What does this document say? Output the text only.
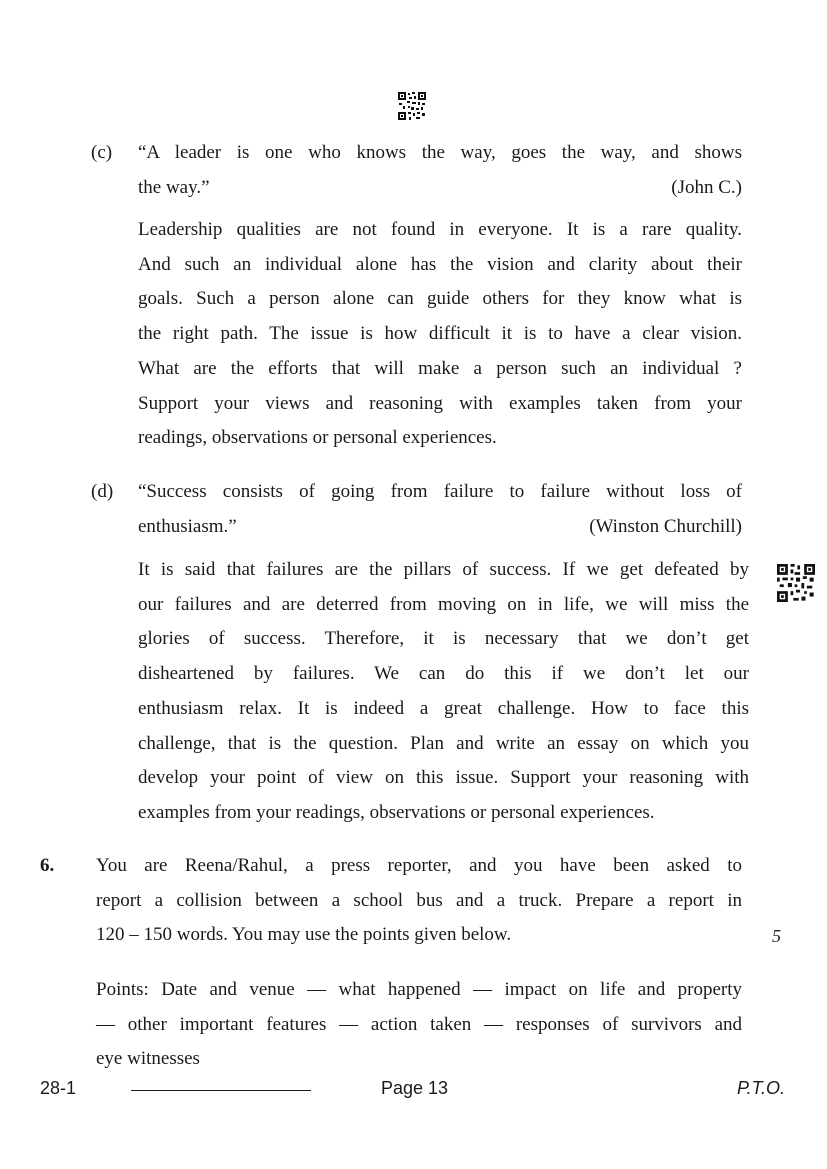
(c) “A leader is one who knows the way, goes the way, and shows
the way.”	(John C.)
Leadership qualities are not found in everyone. It is a rare quality.
And such an individual alone has the vision and clarity about their
goals. Such a person alone can guide others for they know what is
the right path. The issue is how difficult it is to have a clear vision.
What are the efforts that will make a person such an individual ?
Support your views and reasoning with examples taken from your
readings, observations or personal experiences.
(d) “Success consists of going from failure to failure without loss of
enthusiasm.”	(Winston Churchill)
It is said that failures are the pillars of success. If we get defeated by
our failures and are deterred from moving on in life, we will miss the
glories of success. Therefore, it is necessary that we don’t get
disheartened by failures. We can do this if we don’t let our
enthusiasm relax. It is indeed a great challenge. How to face this
challenge, that is the question. Plan and write an essay on which you
develop your point of view on this issue. Support your reasoning with
examples from your readings, observations or personal experiences.
6. You are Reena/Rahul, a press reporter, and you have been asked to
report a collision between a school bus and a truck. Prepare a report in
120 – 150 words. You may use the points given below.	5
Points: Date and venue — what happened — impact on life and property
— other important features — action taken — responses of survivors and
eye witnesses
28-1	Page 13	P.T.O.
